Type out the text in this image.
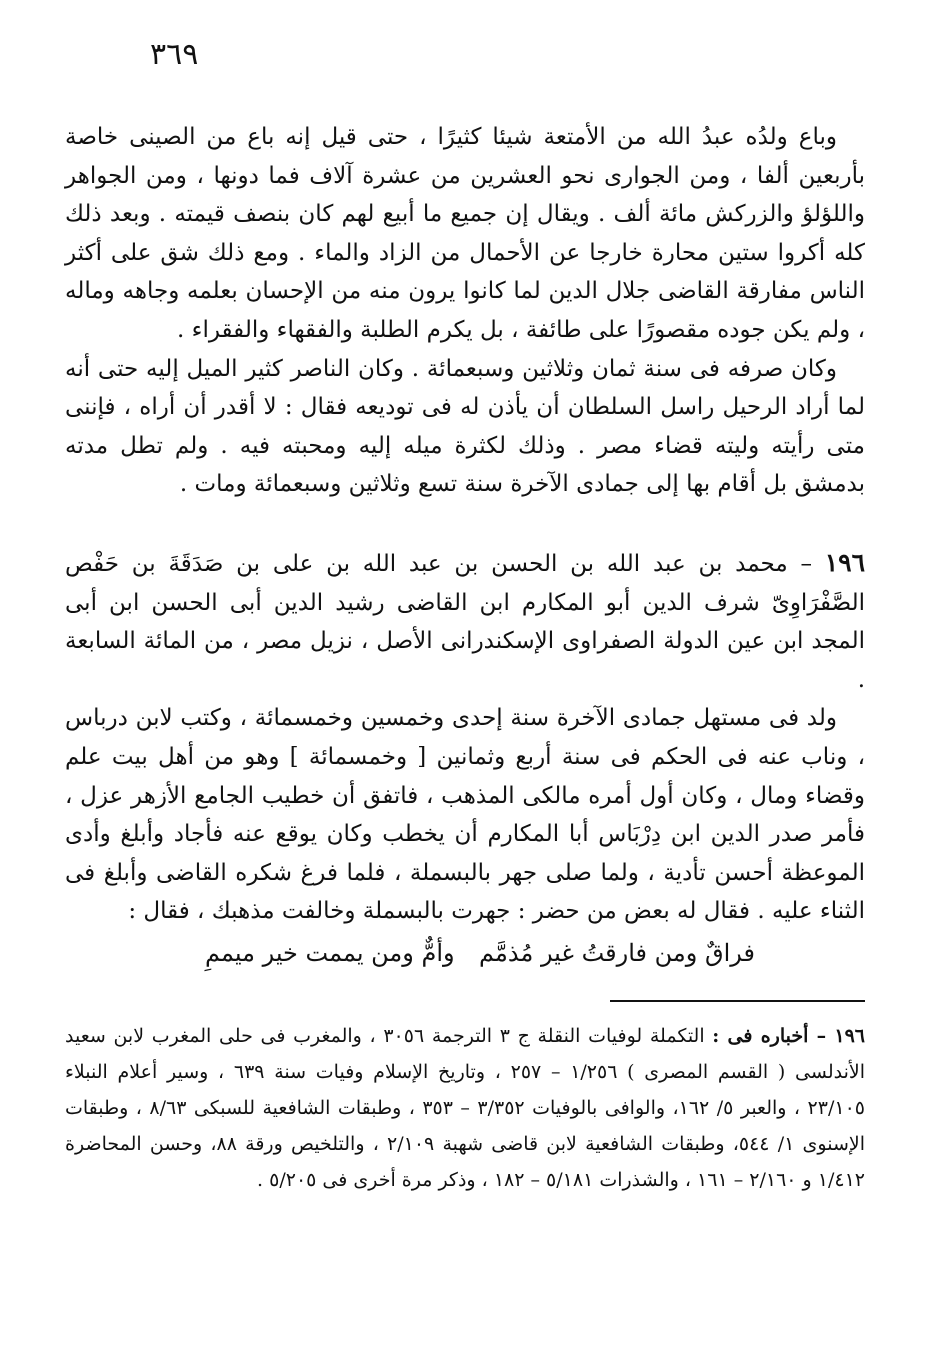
٣٦٩

وباع ولدُه عبدُ الله من الأمتعة شيئا كثيرًا ، حتى قيل إنه باع من الصينى خاصة بأربعين ألفا ، ومن الجوارى نحو العشرين من عشرة آلاف فما دونها ، ومن الجواهر واللؤلؤ والزركش مائة ألف . ويقال إن جميع ما أبيع لهم كان بنصف قيمته . وبعد ذلك كله أكروا ستين محارة خارجا عن الأحمال من الزاد والماء . ومع ذلك شق على أكثر الناس مفارقة القاضى جلال الدين لما كانوا يرون منه من الإحسان بعلمه وجاهه وماله ، ولم يكن جوده مقصورًا على طائفة ، بل يكرم الطلبة والفقهاء والفقراء .

وكان صرفه فى سنة ثمان وثلاثين وسبعمائة . وكان الناصر كثير الميل إليه حتى أنه لما أراد الرحيل راسل السلطان أن يأذن له فى توديعه فقال : لا أقدر أن أراه ، فإننى متى رأيته وليته قضاء مصر . وذلك لكثرة ميله إليه ومحبته فيه . ولم تطل مدته بدمشق بل أقام بها إلى جمادى الآخرة سنة تسع وثلاثين وسبعمائة ومات .

١٩٦ – محمد بن عبد الله بن الحسن بن عبد الله بن على بن صَدَقَةَ بن حَفْص الصَّفْرَاوِىّ شرف الدين أبو المكارم ابن القاضى رشيد الدين أبى الحسن ابن أبى المجد ابن عين الدولة الصفراوى الإسكندرانى الأصل ، نزيل مصر ، من المائة السابعة .

ولد فى مستهل جمادى الآخرة سنة إحدى وخمسين وخمسمائة ، وكتب لابن درباس ، وناب عنه فى الحكم فى سنة أربع وثمانين [ وخمسمائة ] وهو من أهل بيت علم وقضاء ومال ، وكان أول أمره مالكى المذهب ، فاتفق أن خطيب الجامع الأزهر عزل ، فأمر صدر الدين ابن دِرْبَاس أبا المكارم أن يخطب وكان يوقع عنه فأجاد وأبلغ وأدى الموعظة أحسن تأدية ، ولما صلى جهر بالبسملة ، فلما فرغ شكره القاضى وأبلغ فى الثناء عليه . فقال له بعض من حضر : جهرت بالبسملة وخالفت مذهبك ، فقال :

فراقٌ ومن فارقتُ غير مُذمَّم
وأمٌّ ومن يممت خير ميممِ

١٩٦ – أخباره فى : التكملة لوفيات النقلة ج ٣ الترجمة ٣٠٥٦ ، والمغرب فى حلى المغرب لابن سعيد الأندلسى ( القسم المصرى ) ١/٢٥٦ – ٢٥٧ ، وتاريخ الإسلام وفيات سنة ٦٣٩ ، وسير أعلام النبلاء ٢٣/١٠٥ ، والعبر ٥/ ١٦٢، والوافى بالوفيات ٣/٣٥٢ – ٣٥٣ ، وطبقات الشافعية للسبكى ٨/٦٣ ، وطبقات الإسنوى ١/ ٥٤٤، وطبقات الشافعية لابن قاضى شهبة ٢/١٠٩ ، والتلخيص ورقة ٨٨، وحسن المحاضرة ١/٤١٢ و ٢/١٦٠ – ١٦١ ، والشذرات ٥/١٨١ – ١٨٢ ، وذكر مرة أخرى فى ٥/٢٠٥ .
